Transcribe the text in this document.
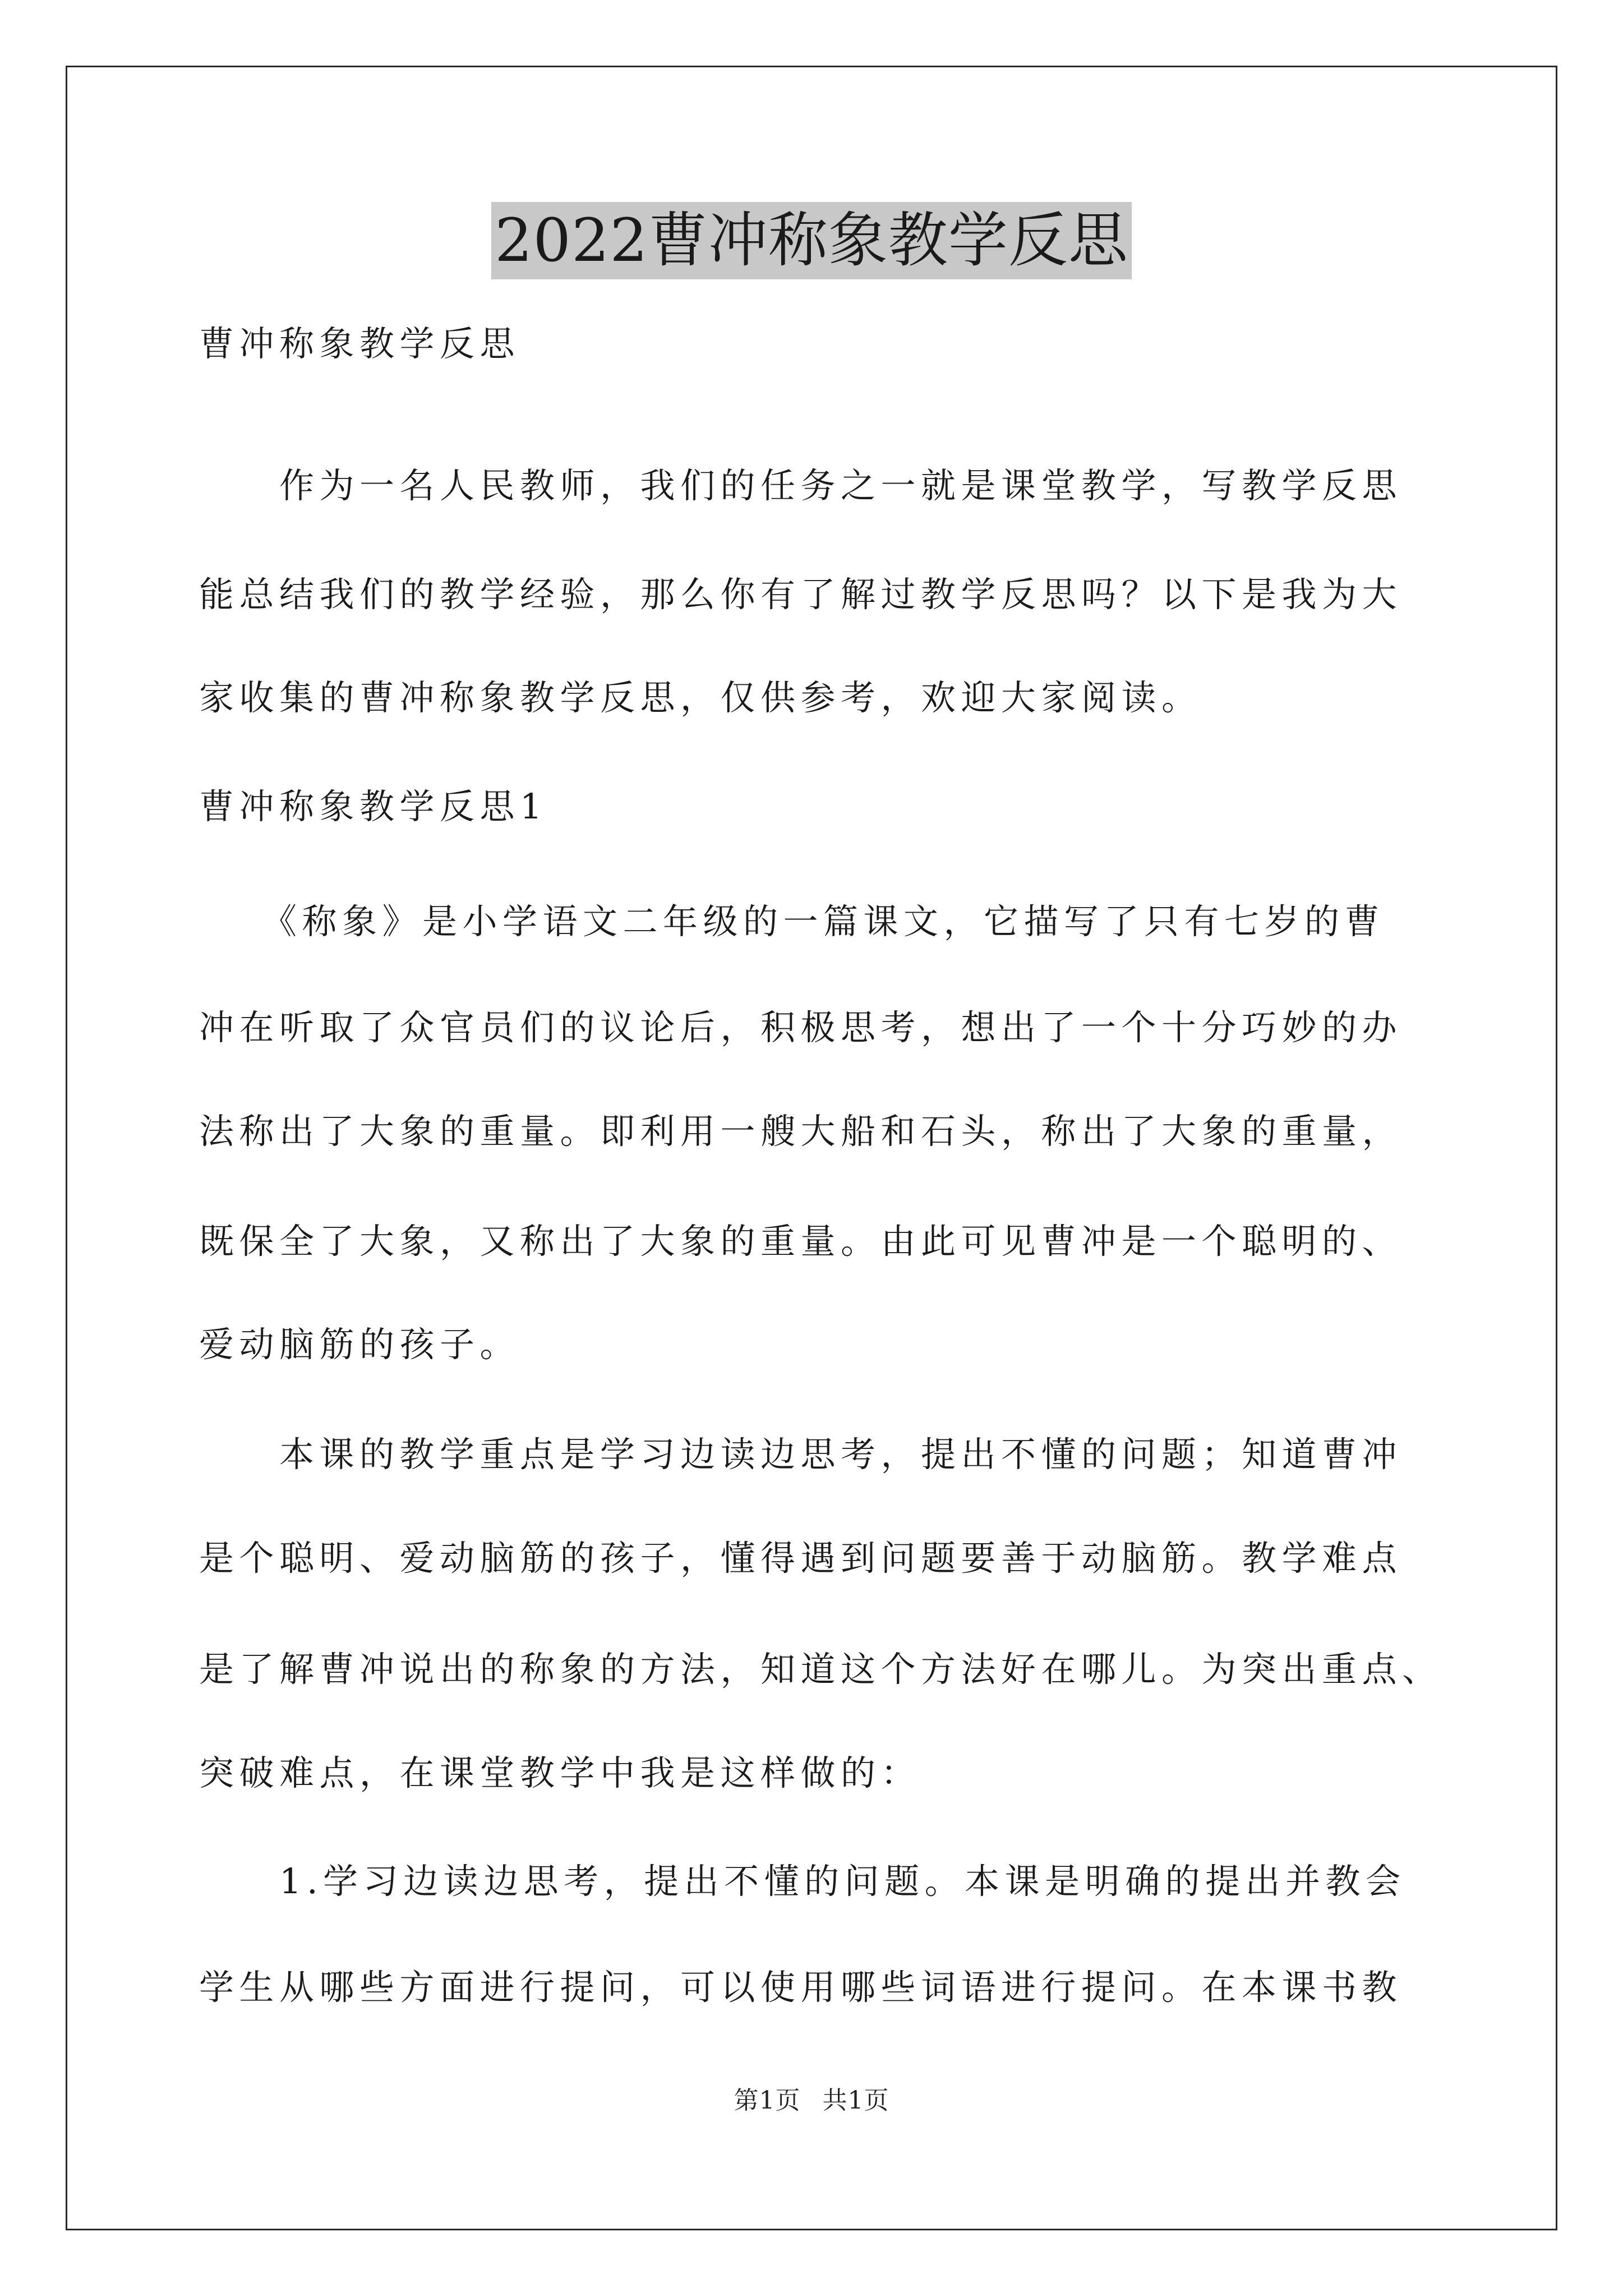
2022曹冲称象教学反思
曹冲称象教学反思
　　作为一名人民教师，我们的任务之一就是课堂教学，写教学反思
能总结我们的教学经验，那么你有了解过教学反思吗？以下是我为大
家收集的曹冲称象教学反思，仅供参考，欢迎大家阅读。
曹冲称象教学反思1
　　《称象》是小学语文二年级的一篇课文，它描写了只有七岁的曹
冲在听取了众官员们的议论后，积极思考，想出了一个十分巧妙的办
法称出了大象的重量。即利用一艘大船和石头，称出了大象的重量，
既保全了大象，又称出了大象的重量。由此可见曹冲是一个聪明的、
爱动脑筋的孩子。
　　本课的教学重点是学习边读边思考，提出不懂的问题；知道曹冲
是个聪明、爱动脑筋的孩子，懂得遇到问题要善于动脑筋。教学难点
是了解曹冲说出的称象的方法，知道这个方法好在哪儿。为突出重点、
突破难点，在课堂教学中我是这样做的：
　　1.学习边读边思考，提出不懂的问题。本课是明确的提出并教会
学生从哪些方面进行提问，可以使用哪些词语进行提问。在本课书教
第1页 共1页
